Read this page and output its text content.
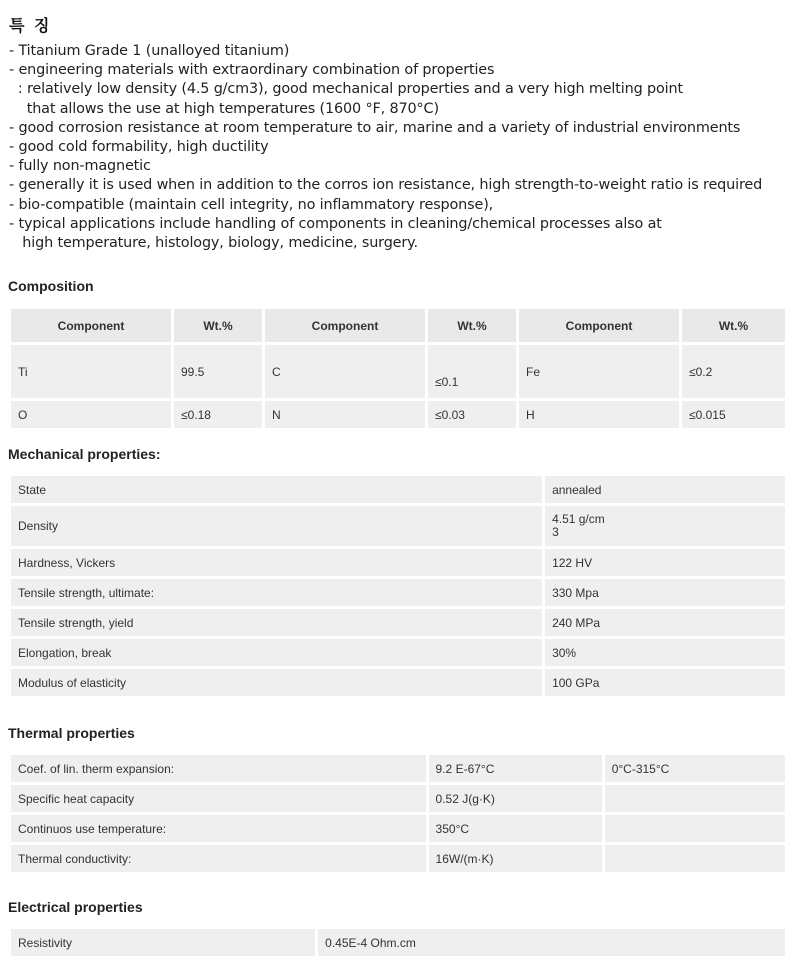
특 징
- Titanium Grade 1 (unalloyed titanium)
- engineering materials with extraordinary combination of properties
: relatively low density (4.5 g/cm3), good mechanical properties and a very high melting point
that allows the use at high temperatures (1600 °F, 870°C)
- good corrosion resistance at room temperature to air, marine and a variety of industrial environments
- good cold formability, high ductility
- fully non-magnetic
- generally it is used when in addition to the corros ion resistance, high strength-to-weight ratio is required
- bio-compatible (maintain cell integrity, no inflammatory response),
- typical applications include handling of components in cleaning/chemical processes also at
high temperature, histology, biology, medicine, surgery.
Composition
Component	Wt.%	Component	Wt.%	Component	Wt.%
Ti	99.5	C	≤0.1	Fe	≤0.2
O	≤0.18	N	≤0.03	H	≤0.015
Mechanical properties:
State	annealed
Density	4.51 g/cm
3
Hardness, Vickers	122 HV
Tensile strength, ultimate:	330 Mpa
Tensile strength, yield	240 MPa
Elongation, break	30%
Modulus of elasticity	100 GPa
Thermal properties
Coef. of lin. therm expansion:	9.2 E-67°C	0°C-315°C
Specific heat capacity	0.52 J(g·K)	
Continuos use temperature:	350°C	
Thermal conductivity:	16W/(m·K)	
Electrical properties
Resistivity	0.45E-4 Ohm.cm
